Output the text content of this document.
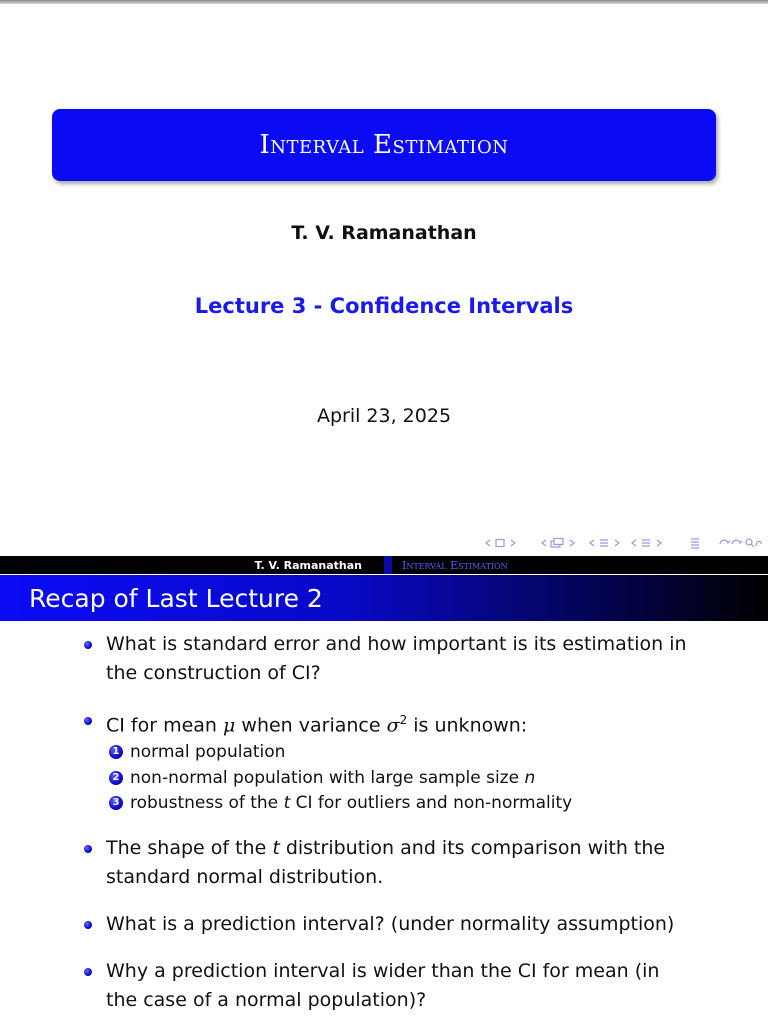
Interval Estimation
T. V. Ramanathan
Lecture 3 - Confidence Intervals
April 23, 2025
T. V. Ramanathan	Interval Estimation
Recap of Last Lecture 2
What is standard error and how important is its estimation in
the construction of CI?
CI for mean μ when variance $\sigma^2$ is unknown:
1 normal population
2 non-normal population with large sample size n
3 robustness of the t CI for outliers and non-normality
The shape of the t distribution and its comparison with the
standard normal distribution.
What is a prediction interval? (under normality assumption)
Why a prediction interval is wider than the CI for mean (in
the case of a normal population)?
